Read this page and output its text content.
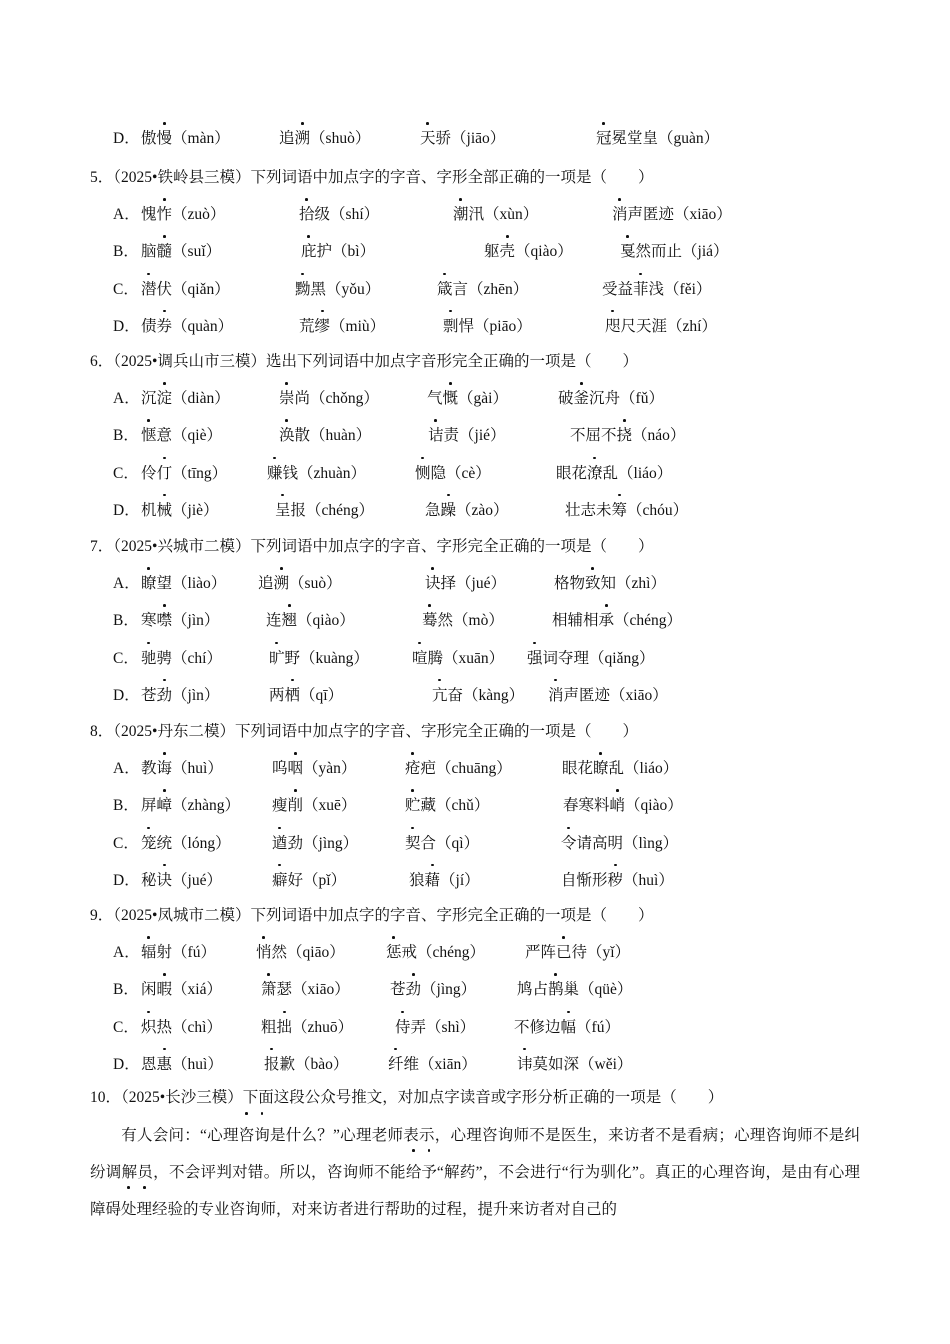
D． 傲慢（màn）	追溯（shuò）	天骄（jiāo）	冠冕堂皇（guàn）
5．（2025•铁岭县三模）下列词语中加点字的字音、字形全部正确的一项是（　　）
A． 愧怍（zuò）	拾级（shí）	潮汛（xùn）	消声匿迹（xiāo）
B． 脑髓（suǐ）	庇护（bì）	躯壳（qiào）	戛然而止（jiá）
C． 潜伏（qiǎn）	黝黑（yǒu）	箴言（zhēn）	受益菲浅（fěi）
D． 债券（quàn）	荒缪（miù）	剽悍（piāo）	咫尺天涯（zhí）
6．（2025•调兵山市三模）选出下列词语中加点字音形完全正确的一项是（　　）
A． 沉淀（diàn）	崇尚（chǒng）	气慨（gài）	破釜沉舟（fǔ）
B． 惬意（qiè）	涣散（huàn）	诘责（jié）	不屈不挠（náo）
C． 伶仃（tīng）	赚钱（zhuàn）	恻隐（cè）	眼花潦乱（liáo）
D． 机械（jiè）	呈报（chéng）	急躁（zào）	壮志未筹（chóu）
7．（2025•兴城市二模）下列词语中加点字的字音、字形完全正确的一项是（　　）
A． 瞭望（liào） 追溯（suò）	诀择（jué）	格物致知（zhì）
B． 寒噤（jìn）	连翘（qiào）	蓦然（mò）	相辅相承（chéng）
C． 驰骋（chí）	旷野（kuàng）	喧腾（xuān） 强词夺理（qiǎng）
D． 苍劲（jìn）	两栖（qī）	亢奋（kàng） 消声匿迹（xiāo）
8．（2025•丹东二模）下列词语中加点字的字音、字形完全正确的一项是（　　）
A． 教诲（huì）	呜咽（yàn）	疮疤（chuāng）	眼花瞭乱（liáo）
B． 屏嶂（zhàng） 瘦削（xuē）	贮藏（chǔ）	春寒料峭（qiào）
C． 笼统（lóng）	遒劲（jìng）	契合（qì）	令请高明（lìng）
D． 秘诀（jué）	癖好（pǐ）	狼藉（jí）	自惭形秽（huì）
9．（2025•凤城市二模）下列词语中加点字的字音、字形完全正确的一项是（　　）
A． 辐射（fú）	悄然（qiāo）	惩戒（chéng）	严阵已待（yǐ）
B． 闲暇（xiá）	箫瑟（xiāo）	苍劲（jìng）	鸠占鹊巢（qüè）
C． 炽热（chì）	粗拙（zhuō）	侍弄（shì）	不修边幅（fú）
D． 恩惠（huì）	报歉（bào）	纤维（xiān）	讳莫如深（wěi）
10．（2025•长沙三模）下面这段公众号推文，对加点字读音或字形分析正确的一项是（　　）

有人会问：“心理咨询是什么？”心理老师表示，心理咨询师不是医生，来访者不是看病；心理咨询师不是纠纷调解员，不会评判对错。所以，咨询师不能给予“解药”，不会进行“行为驯化”。真正的心理咨询，是由有心理障碍处理经验的专业咨询师，对来访者进行帮助的过程，提升来访者对自己的
